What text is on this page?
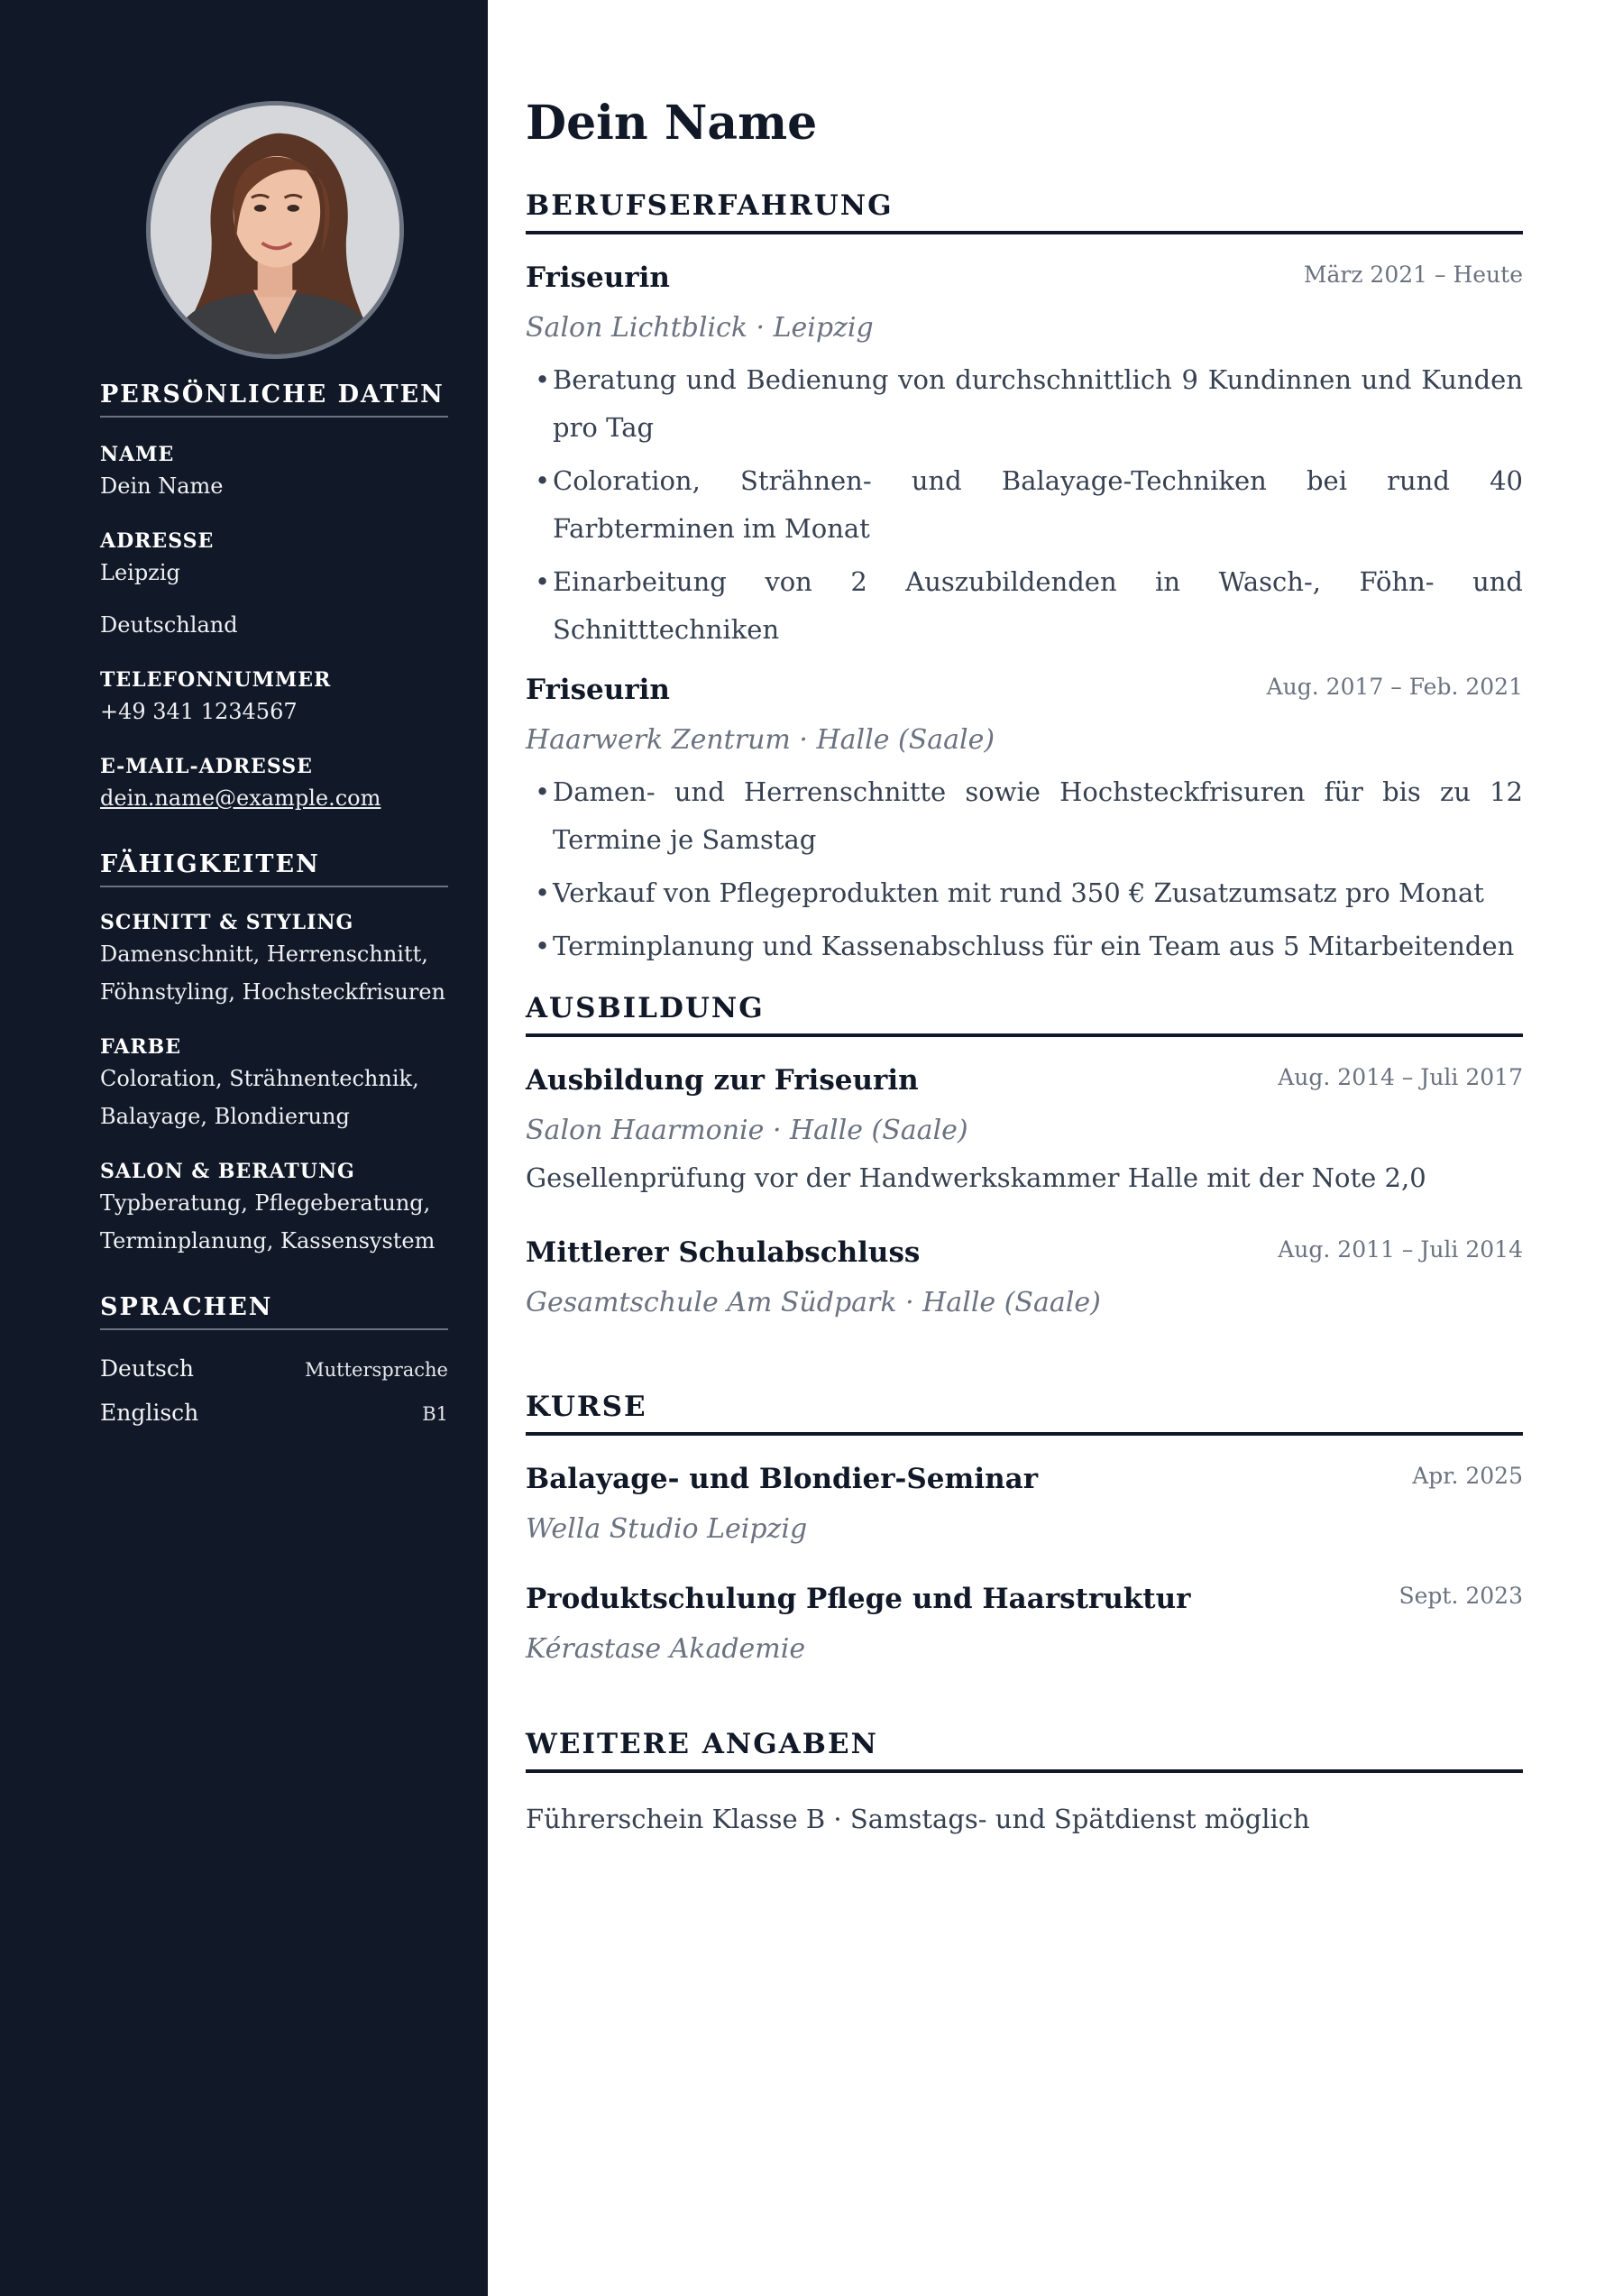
PERSÖNLICHE DATEN
NAME
Dein Name
ADRESSE
Leipzig
Deutschland
TELEFONNUMMER
+49 341 1234567
E-MAIL-ADRESSE
dein.name@example.com
FÄHIGKEITEN
SCHNITT & STYLING
Damenschnitt, Herrenschnitt,
Föhnstyling, Hochsteckfrisuren
FARBE
Coloration, Strähnentechnik,
Balayage, Blondierung
SALON & BERATUNG
Typberatung, Pflegeberatung,
Terminplanung, Kassensystem
SPRACHEN
Deutsch	Muttersprache
Englisch	B1
Dein Name
BERUFSERFAHRUNG
Friseurin	März 2021 – Heute
Salon Lichtblick · Leipzig
• Beratung und Bedienung von durchschnittlich 9 Kundinnen und Kunden pro Tag
• Coloration, Strähnen- und Balayage-Techniken bei rund 40 Farbterminen im Monat
• Einarbeitung von 2 Auszubildenden in Wasch-, Föhn- und Schnitttechniken
Friseurin	Aug. 2017 – Feb. 2021
Haarwerk Zentrum · Halle (Saale)
• Damen- und Herrenschnitte sowie Hochsteckfrisuren für bis zu 12 Termine je Samstag
• Verkauf von Pflegeprodukten mit rund 350 € Zusatzumsatz pro Monat
• Terminplanung und Kassenabschluss für ein Team aus 5 Mitarbeitenden
AUSBILDUNG
Ausbildung zur Friseurin	Aug. 2014 – Juli 2017
Salon Haarmonie · Halle (Saale)
Gesellenprüfung vor der Handwerkskammer Halle mit der Note 2,0
Mittlerer Schulabschluss	Aug. 2011 – Juli 2014
Gesamtschule Am Südpark · Halle (Saale)
KURSE
Balayage- und Blondier-Seminar	Apr. 2025
Wella Studio Leipzig
Produktschulung Pflege und Haarstruktur	Sept. 2023
Kérastase Akademie
WEITERE ANGABEN
Führerschein Klasse B · Samstags- und Spätdienst möglich
